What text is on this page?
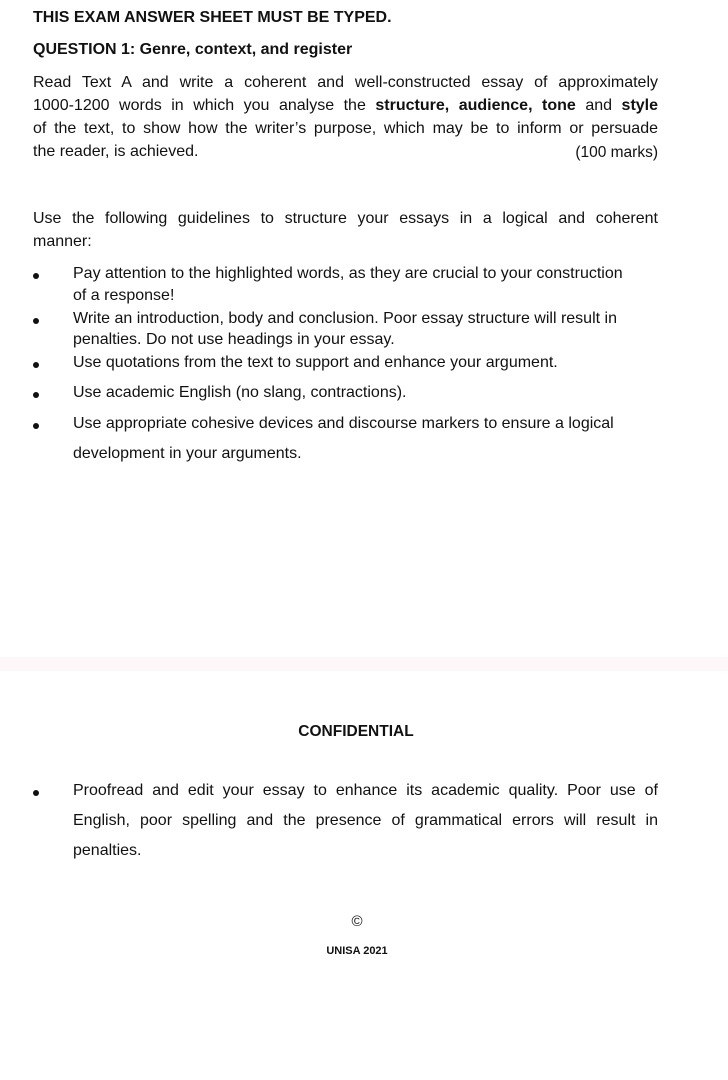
THIS EXAM ANSWER SHEET MUST BE TYPED.
QUESTION 1: Genre, context, and register
Read Text A and write a coherent and well-constructed essay of approximately
1000-1200 words in which you analyse the structure, audience, tone and style
of the text, to show how the writer’s purpose, which may be to inform or persuade
the reader, is achieved.	(100 marks)
Use the following guidelines to structure your essays in a logical and coherent
manner:
Pay attention to the highlighted words, as they are crucial to your construction
of a response!
Write an introduction, body and conclusion. Poor essay structure will result in
penalties. Do not use headings in your essay.
Use quotations from the text to support and enhance your argument.
Use academic English (no slang, contractions).
Use appropriate cohesive devices and discourse markers to ensure a logical
development in your arguments.
CONFIDENTIAL
Proofread and edit your essay to enhance its academic quality. Poor use of
English, poor spelling and the presence of grammatical errors will result in
penalties.
©
UNISA 2021
